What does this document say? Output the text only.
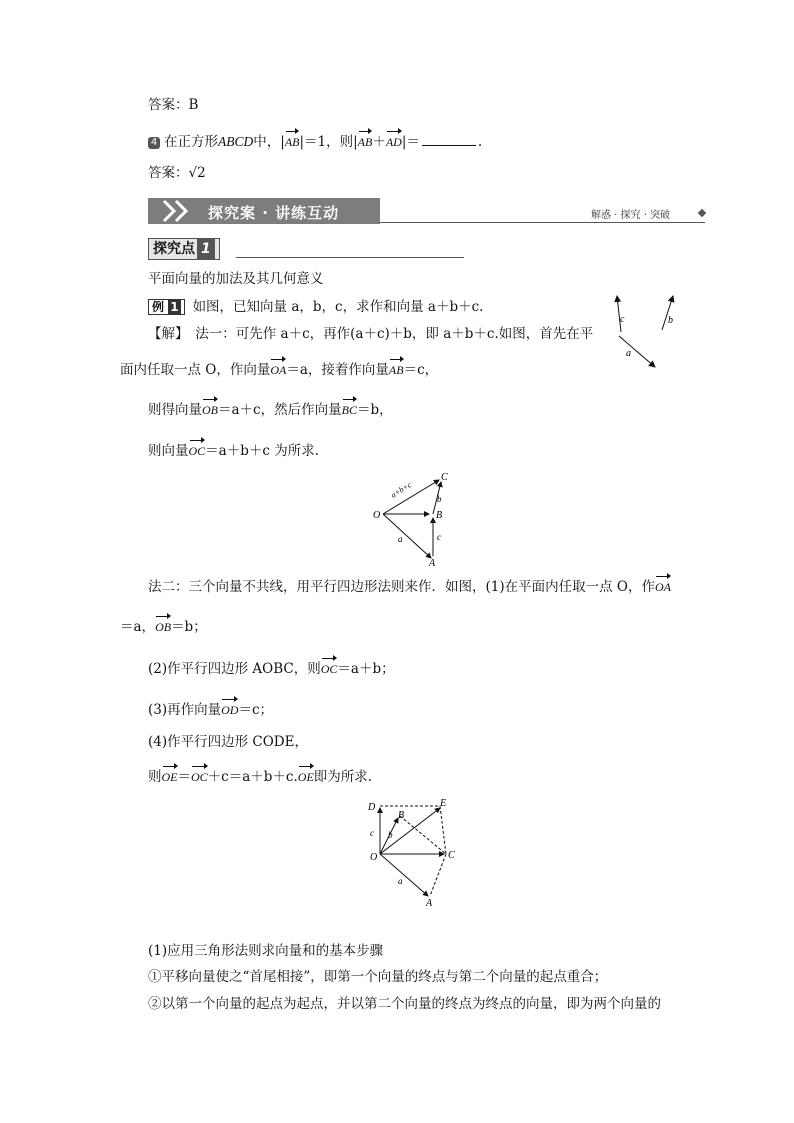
答案：B
4 在正方形ABCD中，|AB|＝1，则|AB＋AD|＝	.
答案：√2
探究案 · 讲练互动	解惑 · 探究 · 突破
探究点 1
平面向量的加法及其几何意义
例 1 如图，已知向量 a，b，c，求作和向量 a＋b＋c.
c	b
a
【解】　法一：可先作 a＋c，再作(a＋c)＋b，即 a＋b＋c.如图，首先在平
面内任取一点 O，作向量OA＝a，接着作向量AB＝c，
则得向量OB＝a＋c，然后作向量BC＝b，
则向量OC＝a＋b＋c 为所求.
O
A
B
C
a
b
c
a+b+c
法二：三个向量不共线，用平行四边形法则来作．如图，(1)在平面内任取一点 O，作OA
＝a，OB＝b；
(2)作平行四边形 AOBC，则OC＝a＋b；
(3)再作向量OD＝c；
(4)作平行四边形 CODE，
则OE＝OC＋c＝a＋b＋c.OE即为所求.
O
A
B
C
D	E
a
b
c
(1)应用三角形法则求向量和的基本步骤
①平移向量使之“首尾相接”，即第一个向量的终点与第二个向量的起点重合；
②以第一个向量的起点为起点，并以第二个向量的终点为终点的向量，即为两个向量的
